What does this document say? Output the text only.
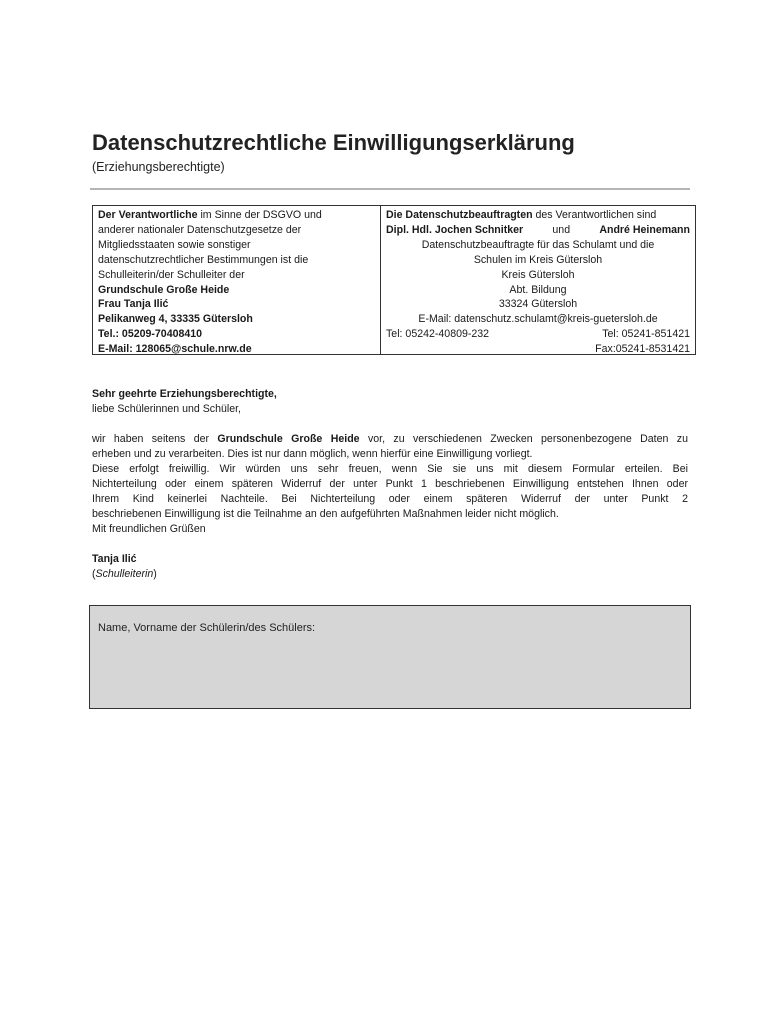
Datenschutzrechtliche Einwilligungserklärung
(Erziehungsberechtigte)
Der Verantwortliche im Sinne der DSGVO und
anderer nationaler Datenschutzgesetze der
Mitgliedsstaaten sowie sonstiger
datenschutzrechtlicher Bestimmungen ist die
Schulleiterin/der Schulleiter der
Grundschule Große Heide
Frau Tanja Ilić
Pelikanweg 4, 33335 Gütersloh
Tel.: 05209-70408410
E-Mail: 128065@schule.nrw.de
Die Datenschutzbeauftragten des Verantwortlichen sind
Dipl. Hdl. Jochen Schnitker	und	André Heinemann
Datenschutzbeauftragte für das Schulamt und die
Schulen im Kreis Gütersloh
Kreis Gütersloh
Abt. Bildung
33324 Gütersloh
E-Mail: datenschutz.schulamt@kreis-guetersloh.de
Tel: 05242-40809-232	Tel: 05241-851421
Fax:05241-8531421

Sehr geehrte Erziehungsberechtigte,

liebe Schülerinnen und Schüler,

wir haben seitens der Grundschule Große Heide vor, zu verschiedenen Zwecken personenbezogene Daten zu

erheben und zu verarbeiten. Dies ist nur dann möglich, wenn hierfür eine Einwilligung vorliegt.

Diese erfolgt freiwillig. Wir würden uns sehr freuen, wenn Sie sie uns mit diesem Formular erteilen. Bei

Nichterteilung oder einem späteren Widerruf der unter Punkt 1 beschriebenen Einwilligung entstehen Ihnen oder

Ihrem Kind keinerlei Nachteile. Bei Nichterteilung oder einem späteren Widerruf der unter Punkt 2

beschriebenen Einwilligung ist die Teilnahme an den aufgeführten Maßnahmen leider nicht möglich.

Mit freundlichen Grüßen

Tanja Ilić

(Schulleiterin)

Name, Vorname der Schülerin/des Schülers:
